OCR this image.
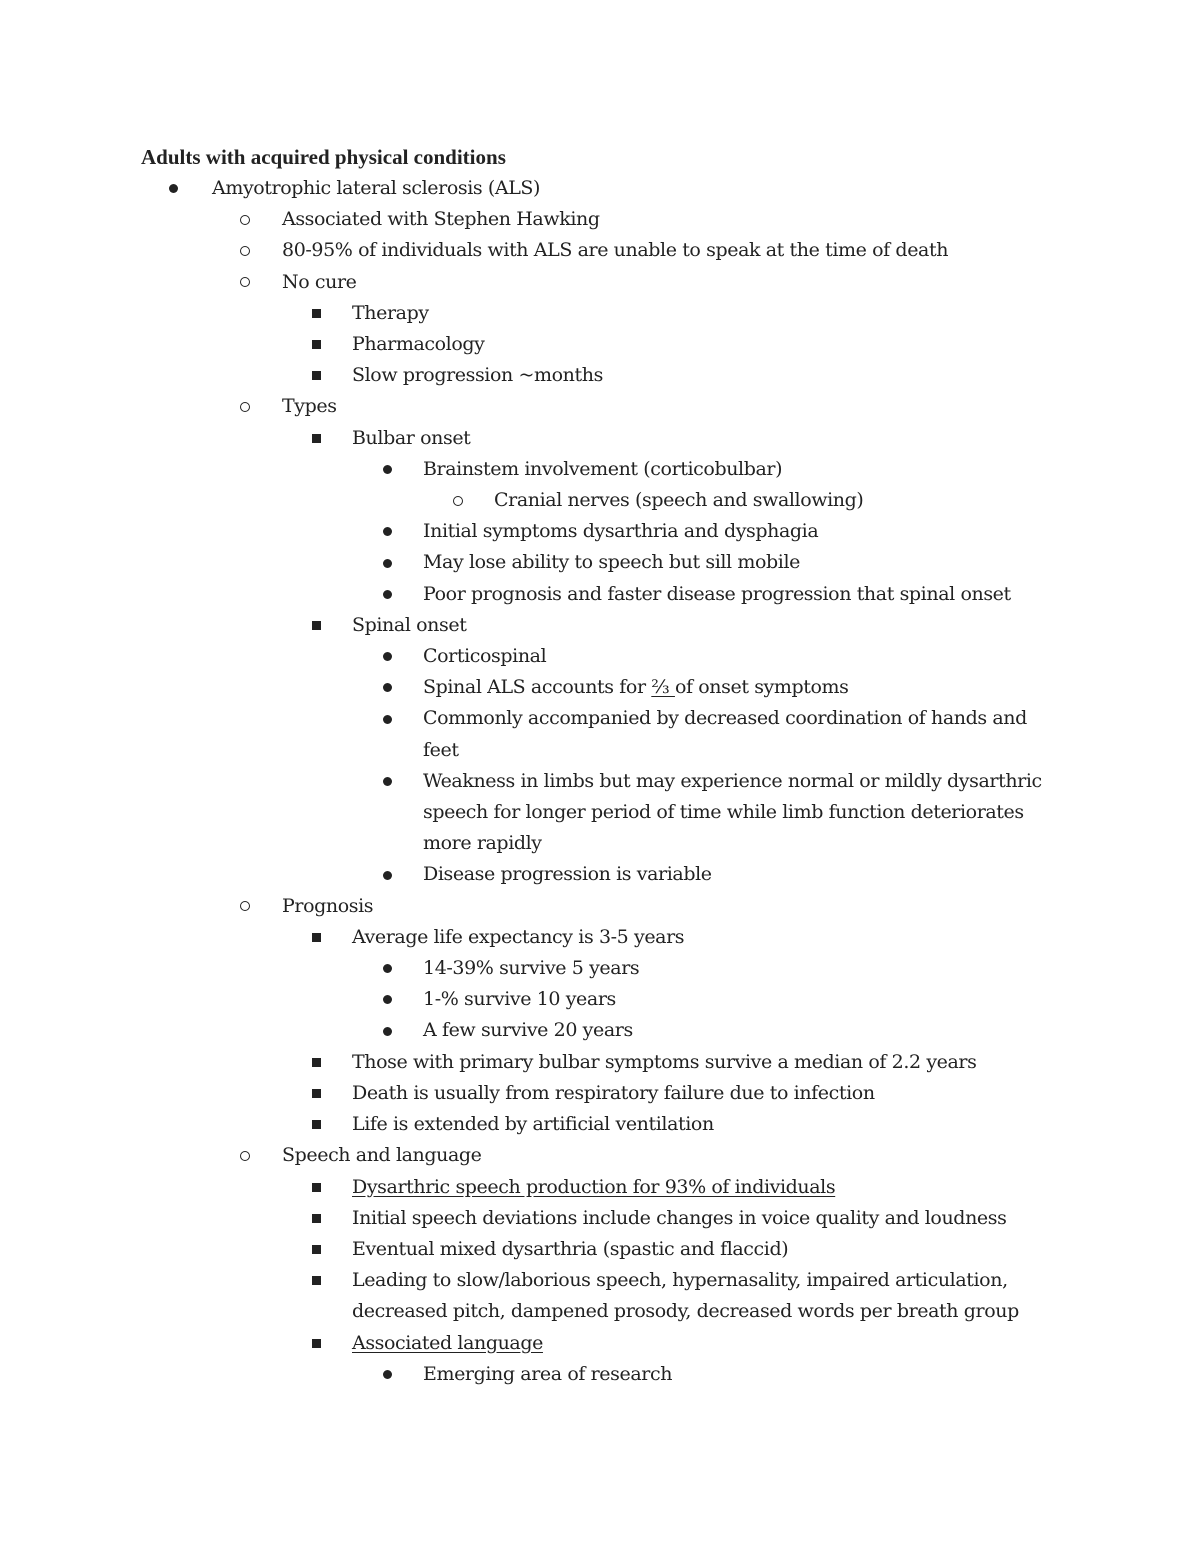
Adults with acquired physical conditions
Amyotrophic lateral sclerosis (ALS)
Associated with Stephen Hawking
80-95% of individuals with ALS are unable to speak at the time of death
No cure
Therapy
Pharmacology
Slow progression ~months
Types
Bulbar onset
Brainstem involvement (corticobulbar)
Cranial nerves (speech and swallowing)
Initial symptoms dysarthria and dysphagia
May lose ability to speech but sill mobile
Poor prognosis and faster disease progression that spinal onset
Spinal onset
Corticospinal
Spinal ALS accounts for ⅔ of onset symptoms
Commonly accompanied by decreased coordination of hands and feet
Weakness in limbs but may experience normal or mildly dysarthric speech for longer period of time while limb function deteriorates more rapidly
Disease progression is variable
Prognosis
Average life expectancy is 3-5 years
14-39% survive 5 years
1-% survive 10 years
A few survive 20 years
Those with primary bulbar symptoms survive a median of 2.2 years
Death is usually from respiratory failure due to infection
Life is extended by artificial ventilation
Speech and language
Dysarthric speech production for 93% of individuals
Initial speech deviations include changes in voice quality and loudness
Eventual mixed dysarthria (spastic and flaccid)
Leading to slow/laborious speech, hypernasality, impaired articulation, decreased pitch, dampened prosody, decreased words per breath group
Associated language
Emerging area of research
